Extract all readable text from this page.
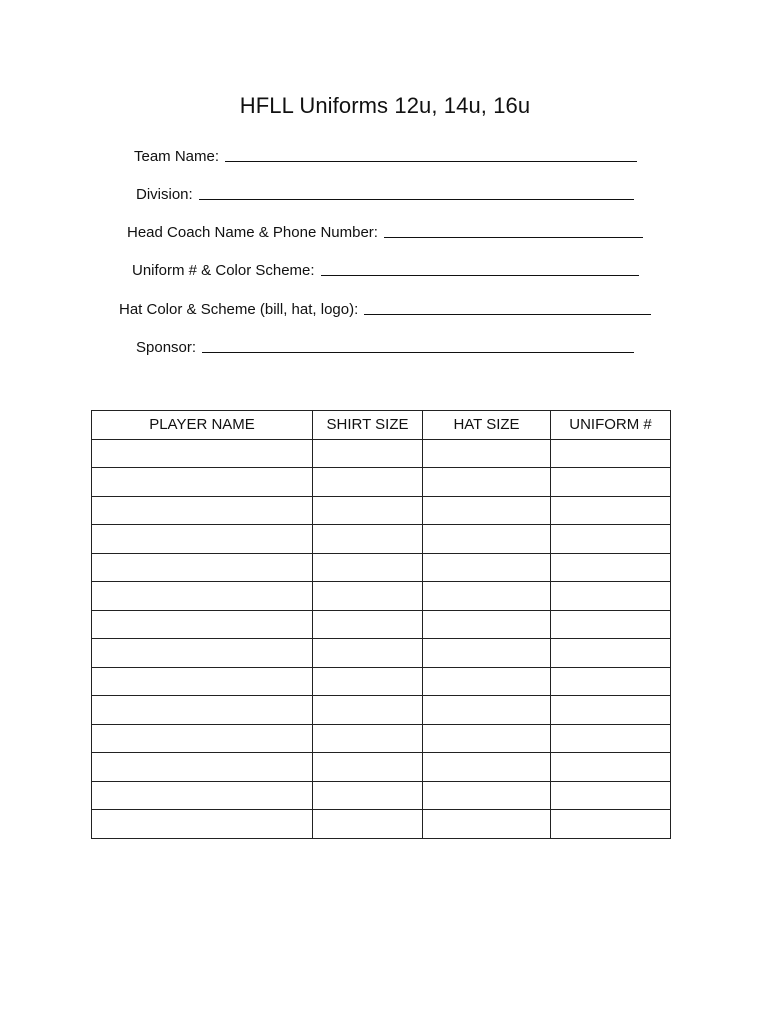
HFLL Uniforms 12u, 14u, 16u
Team Name:
Division:
Head Coach Name & Phone Number:
Uniform # & Color Scheme:
Hat Color & Scheme (bill, hat, logo):
Sponsor:
PLAYER NAME	SHIRT SIZE	HAT SIZE	UNIFORM #
